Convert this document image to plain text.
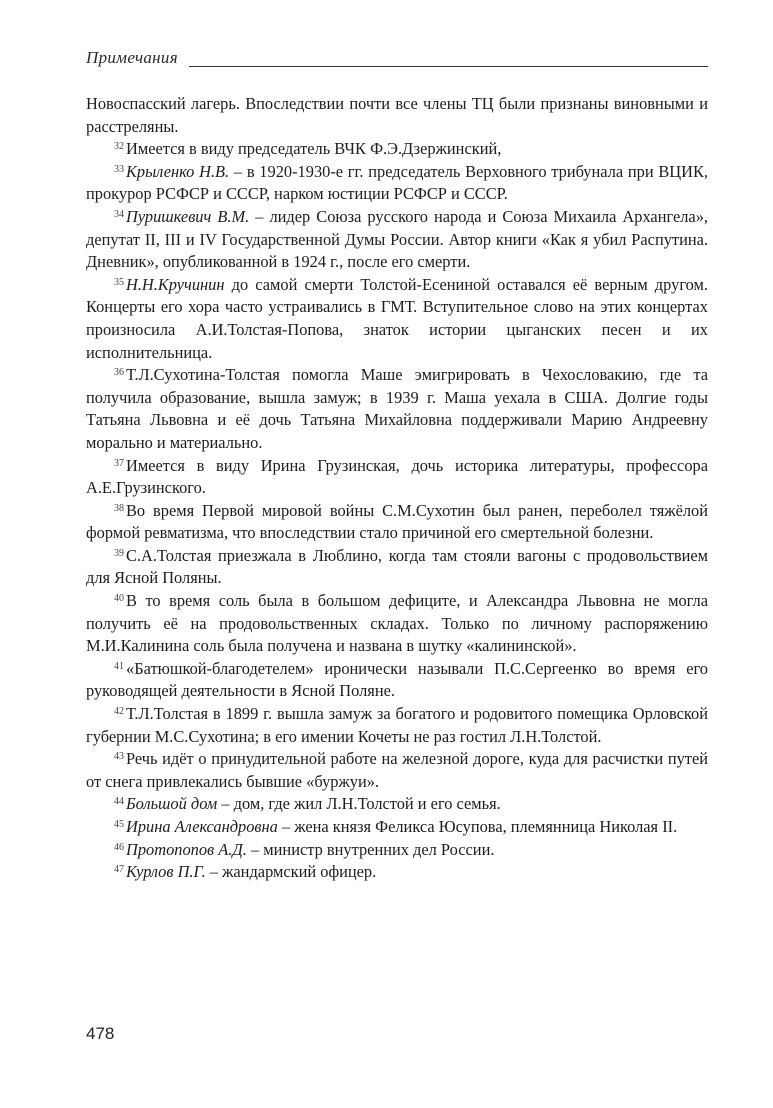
Примечания

Новоспасский лагерь. Впоследствии почти все члены ТЦ были признаны виновными и расстреляны.

$^{32}$ Имеется в виду председатель ВЧК Ф.Э.Дзержинский,

$^{33}$ Крыленко Н.В. – в 1920-1930-е гг. председатель Верховного трибунала при ВЦИК, прокурор РСФСР и СССР, нарком юстиции РСФСР и СССР.

$^{34}$ Пуришкевич В.М. – лидер Союза русского народа и Союза Михаила Архангела», депутат II, III и IV Государственной Думы России. Автор книги «Как я убил Распутина. Дневник», опубликованной в 1924 г., после его смерти.

$^{35}$ Н.Н.Кручинин до самой смерти Толстой-Есениной оставался её верным другом. Концерты его хора часто устраивались в ГМТ. Вступительное слово на этих концертах произносила А.И.Толстая-Попова, знаток истории цыганских песен и их исполнительница.

$^{36}$ Т.Л.Сухотина-Толстая помогла Маше эмигрировать в Чехословакию, где та получила образование, вышла замуж; в 1939 г. Маша уехала в США. Долгие годы Татьяна Львовна и её дочь Татьяна Михайловна поддерживали Марию Андреевну морально и материально.

$^{37}$ Имеется в виду Ирина Грузинская, дочь историка литературы, профессора А.Е.Грузинского.

$^{38}$ Во время Первой мировой войны С.М.Сухотин был ранен, переболел тяжёлой формой ревматизма, что впоследствии стало причиной его смертельной болезни.

$^{39}$ С.А.Толстая приезжала в Люблино, когда там стояли вагоны с продовольствием для Ясной Поляны.

$^{40}$ В то время соль была в большом дефиците, и Александра Львовна не могла получить её на продовольственных складах. Только по личному распоряжению М.И.Калинина соль была получена и названа в шутку «калининской».

$^{41}$ «Батюшкой-благодетелем» иронически называли П.С.Сергеенко во время его руководящей деятельности в Ясной Поляне.

$^{42}$ Т.Л.Толстая в 1899 г. вышла замуж за богатого и родовитого помещика Орловской губернии М.С.Сухотина; в его имении Кочеты не раз гостил Л.Н.Толстой.

$^{43}$ Речь идёт о принудительной работе на железной дороге, куда для расчистки путей от снега привлекались бывшие «буржуи».

$^{44}$ Большой дом – дом, где жил Л.Н.Толстой и его семья.

$^{45}$ Ирина Александровна – жена князя Феликса Юсупова, племянница Николая II.

$^{46}$ Протопопов А.Д. – министр внутренних дел России.

$^{47}$ Курлов П.Г. – жандармский офицер.

478
